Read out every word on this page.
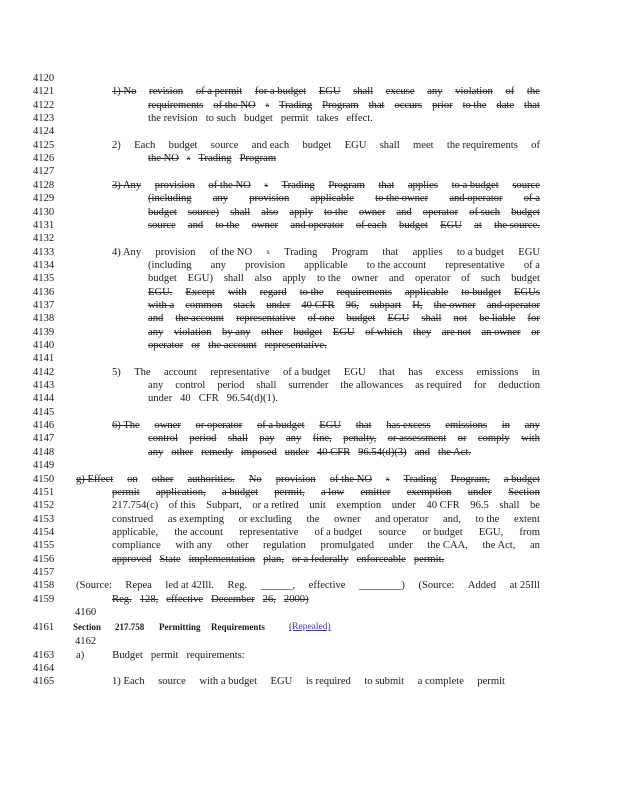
4120
4121	1) No revision of a permit for a budget EGU shall excuse any violation of the
4122	requirements of the NO x Trading Program that occurs prior to the date that
4123	the revision to such budget permit takes effect.
4124
4125	2) Each budget source and each budget EGU shall meet the requirements of
4126	the NO x Trading Program
4127
4128	3) Any provision of the NO x Trading Program that applies to a budget source
4129	(including any provision applicable to the owner and operator of a
4130	budget source) shall also apply to the owner and operator of such budget
4131	source and to the owner and operator of each budget EGU at the source.
4132
4133	4) Any provision of the NO x Trading Program that applies to a budget EGU
4134	(including any provision applicable to the account representative of a
4135	budget EGU) shall also apply to the owner and operator of such budget
4136	EGU. Except with regard to the requirements applicable to budget EGUs
4137	with a common stack under 40 CFR 96, subpart H, the owner and operator
4138	and the account representative of one budget EGU shall not be liable for
4139	any violation by any other budget EGU of which they are not an owner or
4140	operator or the account representative.
4141
4142	5) The account representative of a budget EGU that has excess emissions in
4143	any control period shall surrender the allowances as required for deduction
4144	under 40 CFR 96.54(d)(1).
4145
4146	6) The owner or operator of a budget EGU that has excess emissions in any
4147	control period shall pay any fine, penalty, or assessment or comply with
4148	any other remedy imposed under 40 CFR 96.54(d)(3) and the Act.
4149
4150	g) Effect on other authorities. No provision of the NO x Trading Program, a budget
4151	permit application, a budget permit, a low emitter exemption under Section
4152	217.754(c) of this Subpart, or a retired unit exemption under 40 CFR 96.5 shall be
4153	construed as exempting or excluding the owner and operator and, to the extent
4154	applicable, the account representative of a budget source or budget EGU, from
4155	compliance with any other regulation promulgated under the CAA, the Act, an
4156	approved State implementation plan, or a federally enforceable permit.
4157
4158	(Source: Repea led at 42Ill. Reg. ______, effective ________) (Source: Added at 25Ill
4159	Reg. 128, effective December 26, 2000)
4160
4161	Section 217.758 Permitting Requirements	(Repealed)
4162
4163	a)	Budget permit requirements:
4164
4165	1) Each source with a budget EGU is required to submit a complete permit
